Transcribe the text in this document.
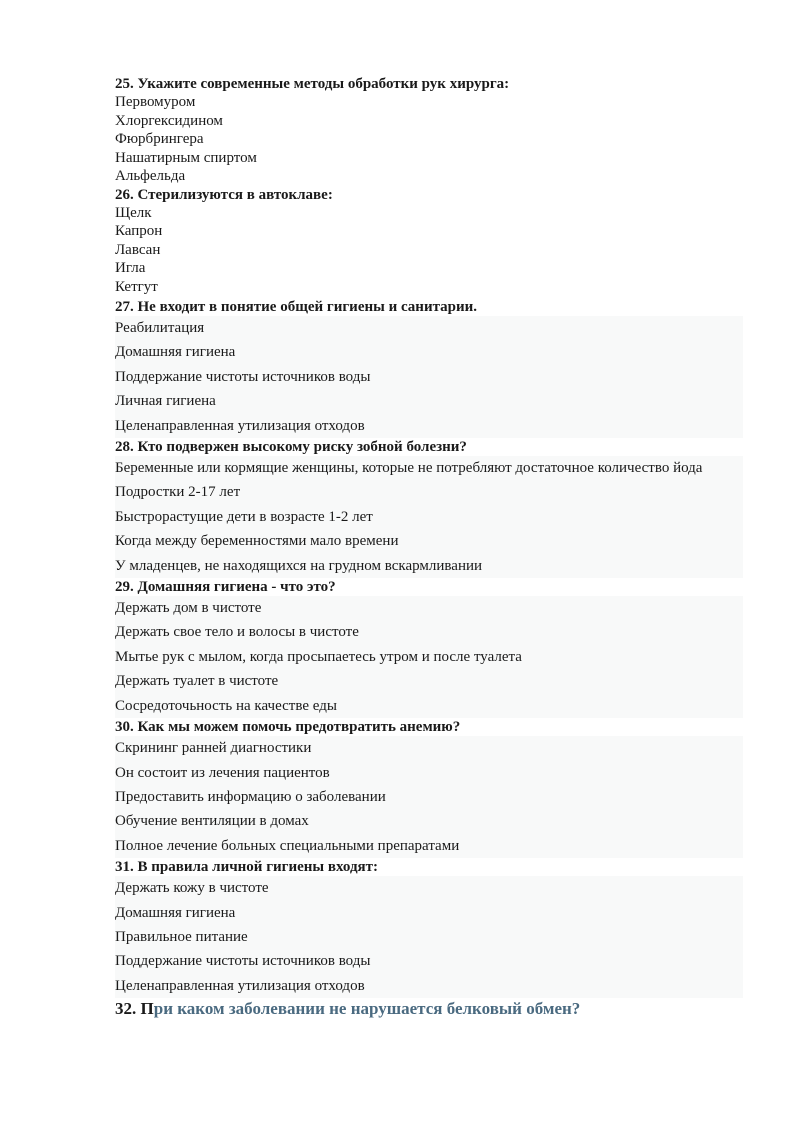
25. Укажите современные методы обработки рук хирурга:

Первомуром

Хлоргексидином

Фюрбрингера

Нашатирным спиртом

Альфельда

26. Стерилизуются в автоклаве:

Щелк

Капрон

Лавсан

Игла

Кетгут

27. Не входит в понятие общей гигиены и санитарии.

Реабилитация

Домашняя гигиена

Поддержание чистоты источников воды

Личная гигиена

Целенаправленная утилизация отходов

28. Кто подвержен высокому риску зобной болезни?

Беременные или кормящие женщины, которые не потребляют достаточное количество йода

Подростки 2-17 лет

Быстрорастущие дети в возрасте 1-2 лет

Когда между беременностями мало времени

У младенцев, не находящихся на грудном вскармливании

29. Домашняя гигиена - что это?

Держать дом в чистоте

Держать свое тело и волосы в чистоте

Мытье рук с мылом, когда просыпаетесь утром и после туалета

Держать туалет в чистоте

Сосредоточьность на качестве еды

30. Как мы можем помочь предотвратить анемию?

Скрининг ранней диагностики

Он состоит из лечения пациентов

Предоставить информацию о заболевании

Обучение вентиляции в домах

Полное лечение больных специальными препаратами

31. В правила личной гигиены входят:

Держать кожу в чистоте

Домашняя гигиена

Правильное питание

Поддержание чистоты источников воды

Целенаправленная утилизация отходов

32. При каком заболевании не нарушается белковый обмен?
